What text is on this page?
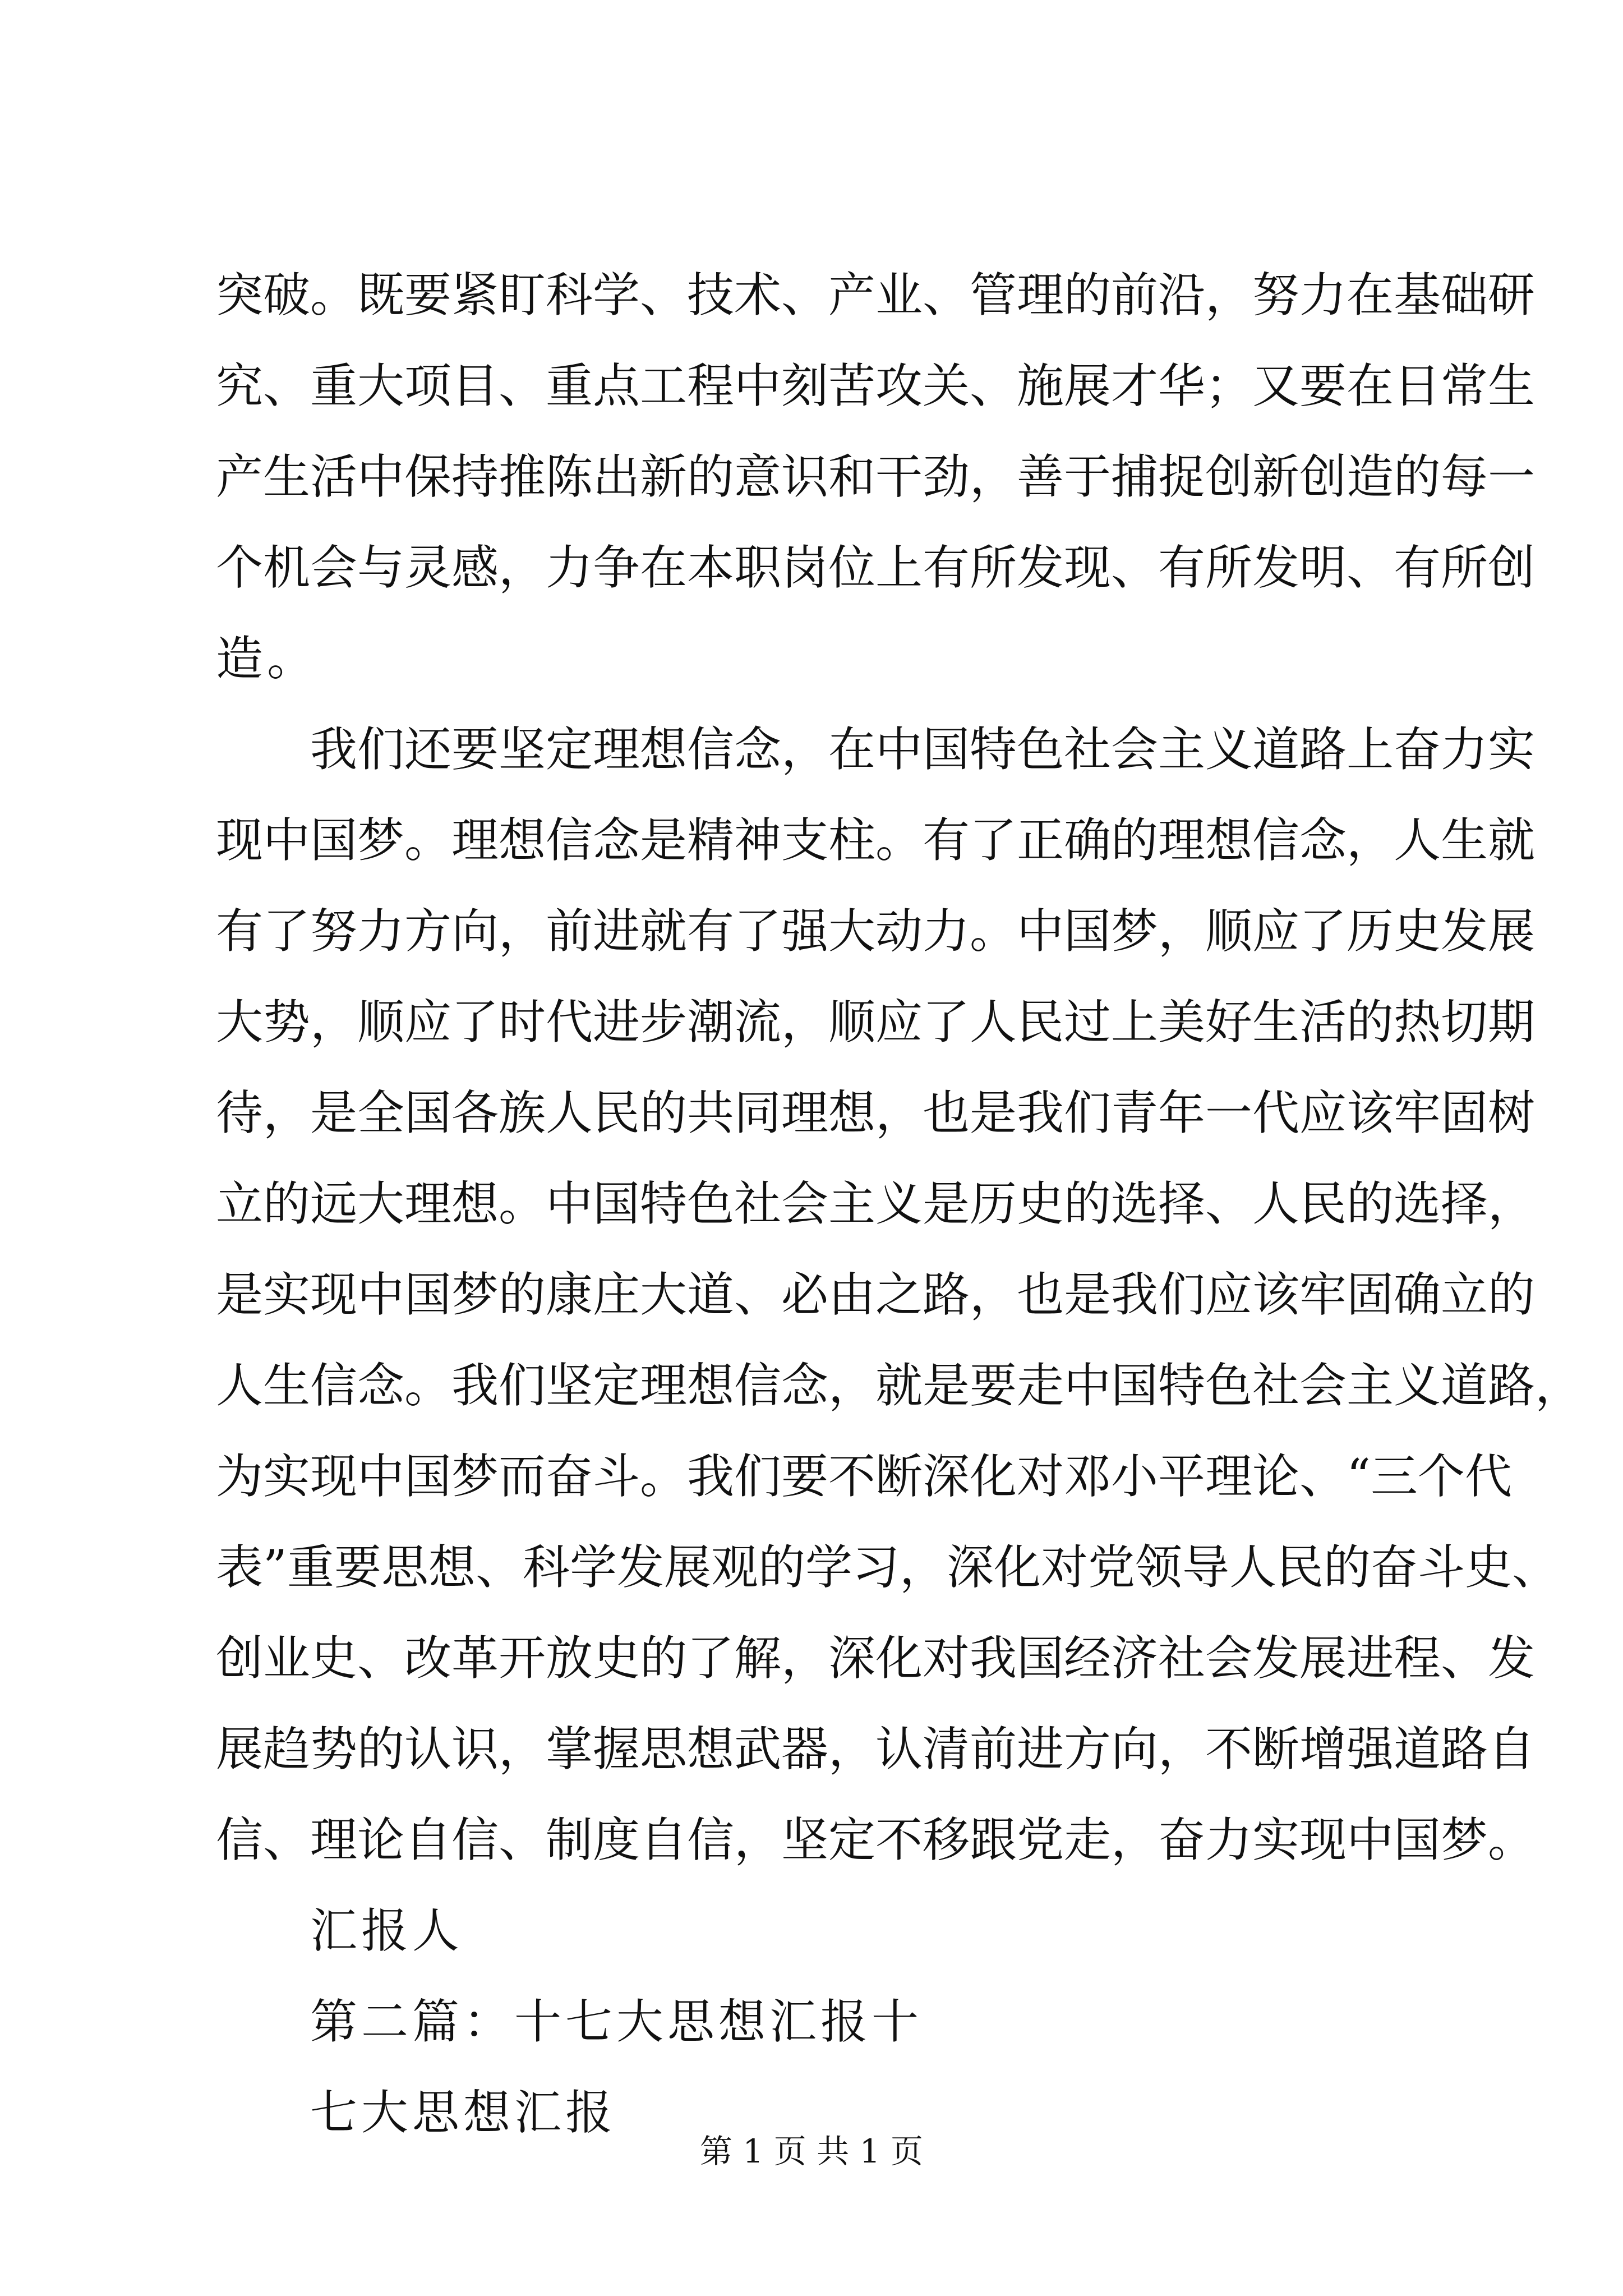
突破。既要紧盯科学、技术、产业、管理的前沿，努力在基础研
究、重大项目、重点工程中刻苦攻关、施展才华；又要在日常生
产生活中保持推陈出新的意识和干劲，善于捕捉创新创造的每一
个机会与灵感，力争在本职岗位上有所发现、有所发明、有所创
造。
我们还要坚定理想信念，在中国特色社会主义道路上奋力实
现中国梦。理想信念是精神支柱。有了正确的理想信念，人生就
有了努力方向，前进就有了强大动力。中国梦，顺应了历史发展
大势，顺应了时代进步潮流，顺应了人民过上美好生活的热切期
待，是全国各族人民的共同理想，也是我们青年一代应该牢固树
立的远大理想。中国特色社会主义是历史的选择、人民的选择，
是实现中国梦的康庄大道、必由之路，也是我们应该牢固确立的
人生信念。我们坚定理想信念，就是要走中国特色社会主义道路，
为实现中国梦而奋斗。我们要不断深化对邓小平理论、“三个代
表”重要思想、科学发展观的学习，深化对党领导人民的奋斗史、
创业史、改革开放史的了解，深化对我国经济社会发展进程、发
展趋势的认识，掌握思想武器，认清前进方向，不断增强道路自
信、理论自信、制度自信，坚定不移跟党走，奋力实现中国梦。
汇报人
第二篇：十七大思想汇报十
七大思想汇报
第 1 页 共 1 页
